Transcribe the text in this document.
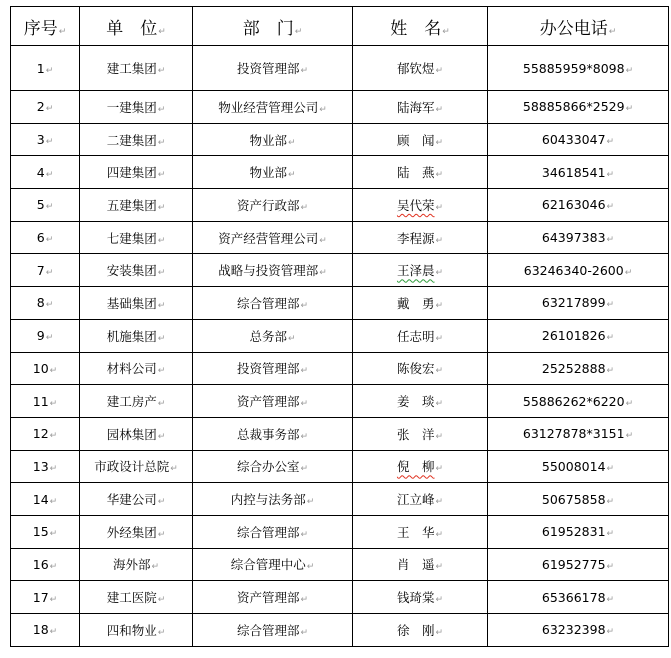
序号↵	单　位↵	部　门↵	姓　名↵	办公电话↵
1↵	建工集团↵	投资管理部↵	郁钦煜↵	55885959*8098↵
2↵	一建集团↵	物业经营管理公司↵	陆海军↵	58885866*2529↵
3↵	二建集团↵	物业部↵	顾　闻↵	60433047↵
4↵	四建集团↵	物业部↵	陆　燕↵	34618541↵
5↵	五建集团↵	资产行政部↵	吴代荣↵	62163046↵
6↵	七建集团↵	资产经营管理公司↵	李程源↵	64397383↵
7↵	安装集团↵	战略与投资管理部↵	王泽晨↵	63246340-2600↵
8↵	基础集团↵	综合管理部↵	戴　勇↵	63217899↵
9↵	机施集团↵	总务部↵	任志明↵	26101826↵
10↵	材料公司↵	投资管理部↵	陈俊宏↵	25252888↵
11↵	建工房产↵	资产管理部↵	姜　琰↵	55886262*6220↵
12↵	园林集团↵	总裁事务部↵	张　洋↵	63127878*3151↵
13↵	市政设计总院↵	综合办公室↵	倪　柳↵	55008014↵
14↵	华建公司↵	内控与法务部↵	江立峰↵	50675858↵
15↵	外经集团↵	综合管理部↵	王　华↵	61952831↵
16↵	海外部↵	综合管理中心↵	肖　遥↵	61952775↵
17↵	建工医院↵	资产管理部↵	钱琦棠↵	65366178↵
18↵	四和物业↵	综合管理部↵	徐　刚↵	63232398↵
